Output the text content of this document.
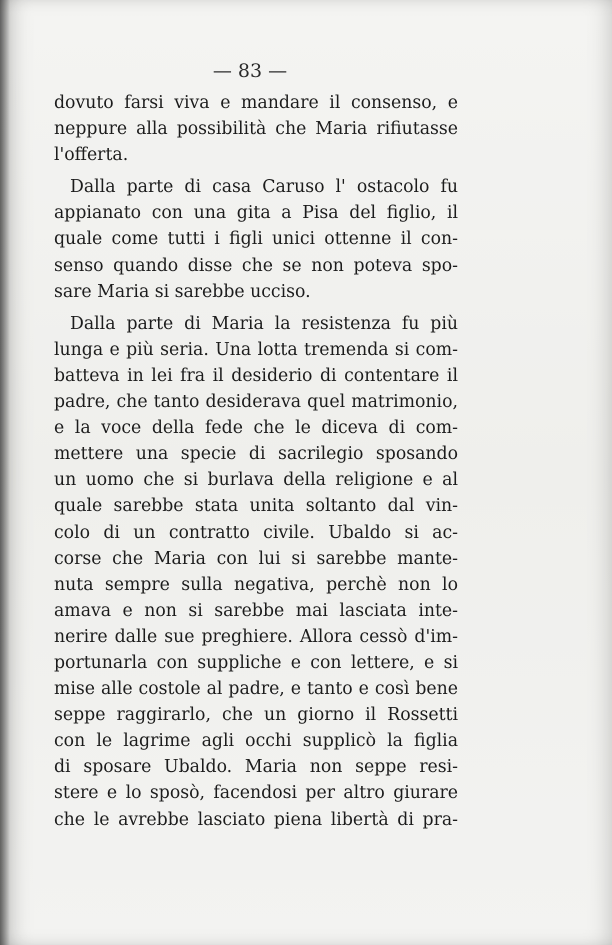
— 83 —
dovuto farsi viva e mandare il consenso, e
neppure alla possibilità che Maria rifiutasse
l'offerta.
Dalla parte di casa Caruso l' ostacolo fu
appianato con una gita a Pisa del figlio, il
quale come tutti i figli unici ottenne il con-
senso quando disse che se non poteva spo-
sare Maria si sarebbe ucciso.
Dalla parte di Maria la resistenza fu più
lunga e più seria. Una lotta tremenda si com-
batteva in lei fra il desiderio di contentare il
padre, che tanto desiderava quel matrimonio,
e la voce della fede che le diceva di com-
mettere una specie di sacrilegio sposando
un uomo che si burlava della religione e al
quale sarebbe stata unita soltanto dal vin-
colo di un contratto civile. Ubaldo si ac-
corse che Maria con lui si sarebbe mante-
nuta sempre sulla negativa, perchè non lo
amava e non si sarebbe mai lasciata inte-
nerire dalle sue preghiere. Allora cessò d'im-
portunarla con suppliche e con lettere, e si
mise alle costole al padre, e tanto e così bene
seppe raggirarlo, che un giorno il Rossetti
con le lagrime agli occhi supplicò la figlia
di sposare Ubaldo. Maria non seppe resi-
stere e lo sposò, facendosi per altro giurare
che le avrebbe lasciato piena libertà di pra-
